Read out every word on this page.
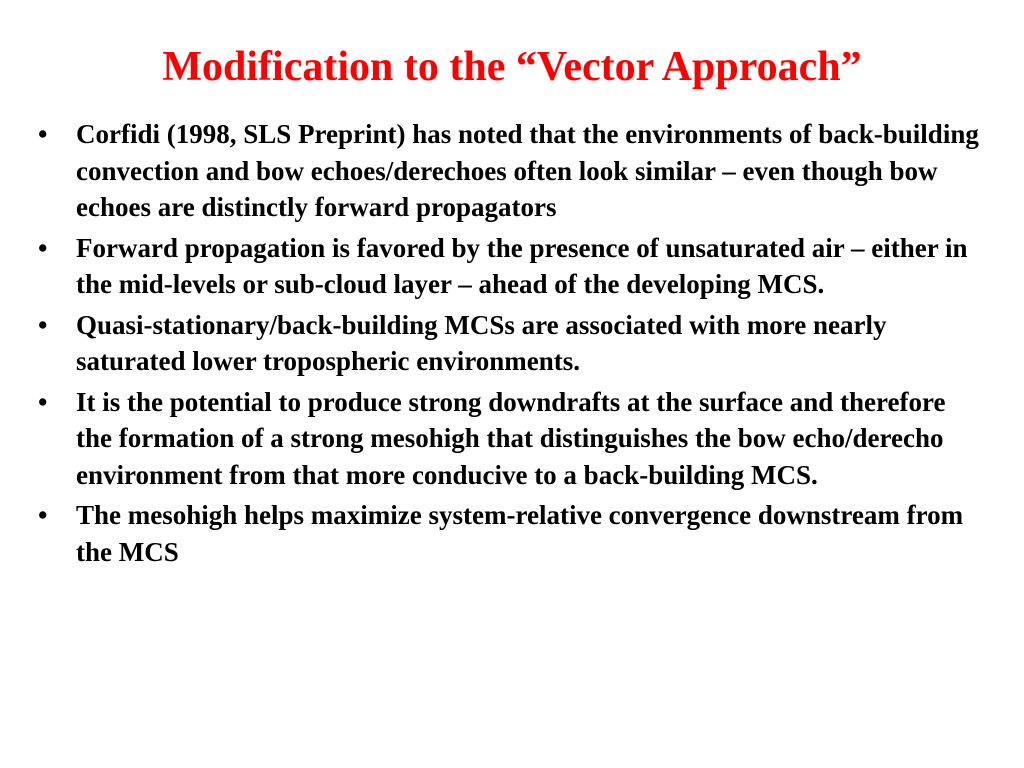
Modification to the “Vector Approach”
•	Corfidi (1998, SLS Preprint) has noted that the environments of back-building convection and bow echoes/derechoes often look similar – even though bow echoes are distinctly forward propagators
•	Forward propagation is favored by the presence of unsaturated air – either in the mid-levels or sub-cloud layer – ahead of the developing MCS.
•	Quasi-stationary/back-building MCSs are associated with more nearly saturated lower tropospheric environments.
•	It is the potential to produce strong downdrafts at the surface and therefore the formation of a strong mesohigh that distinguishes the bow echo/derecho environment from that more conducive to a back-building MCS.
•	The mesohigh helps maximize system-relative convergence downstream from the MCS
